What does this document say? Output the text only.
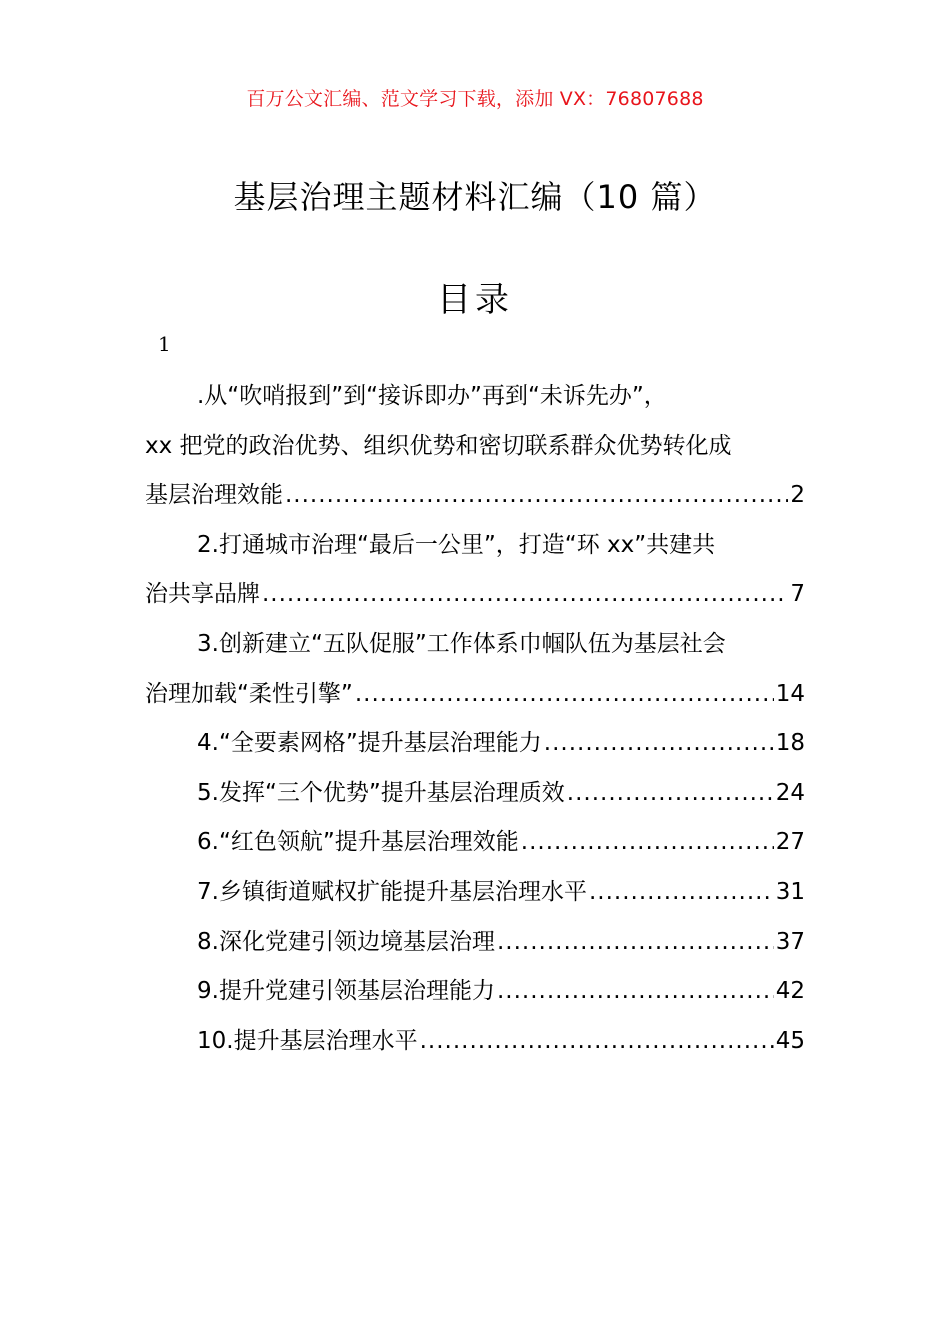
百万公文汇编、范文学习下载，添加 VX：76807688
基层治理主题材料汇编（10 篇）
目录
1
.从“吹哨报到”到“接诉即办”再到“未诉先办”，
xx 把党的政治优势、组织优势和密切联系群众优势转化成
基层治理效能 .....	2
2.打通城市治理“最后一公里”，打造“环 xx”共建共
治共享品牌 .....	7
3.创新建立“五队促服”工作体系巾帼队伍为基层社会
治理加载“柔性引擎” .....	14
4.“全要素网格”提升基层治理能力 .....	18
5.发挥“三个优势”提升基层治理质效 .....	24
6.“红色领航”提升基层治理效能 .....	27
7.乡镇街道赋权扩能提升基层治理水平 .....	31
8.深化党建引领边境基层治理 .....	37
9.提升党建引领基层治理能力 .....	42
10.提升基层治理水平 .....	45
